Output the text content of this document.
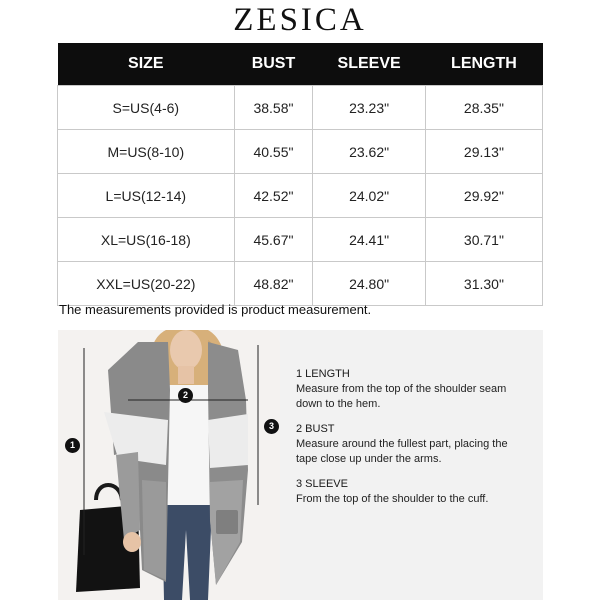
ZESICA
SIZE	BUST	SLEEVE	LENGTH
S=US(4-6)	38.58"	23.23"	28.35"
M=US(8-10)	40.55"	23.62"	29.13"
L=US(12-14)	42.52"	24.02"	29.92"
XL=US(16-18)	45.67"	24.41"	30.71"
XXL=US(20-22)	48.82"	24.80"	31.30"
The measurements provided is product measurement.
1
2
3
1 LENGTH
Measure from the top of the shoulder seam down to the hem.
2 BUST
Measure around the fullest part, placing the tape close up under the arms.
3 SLEEVE
From the top of the shoulder to the cuff.
